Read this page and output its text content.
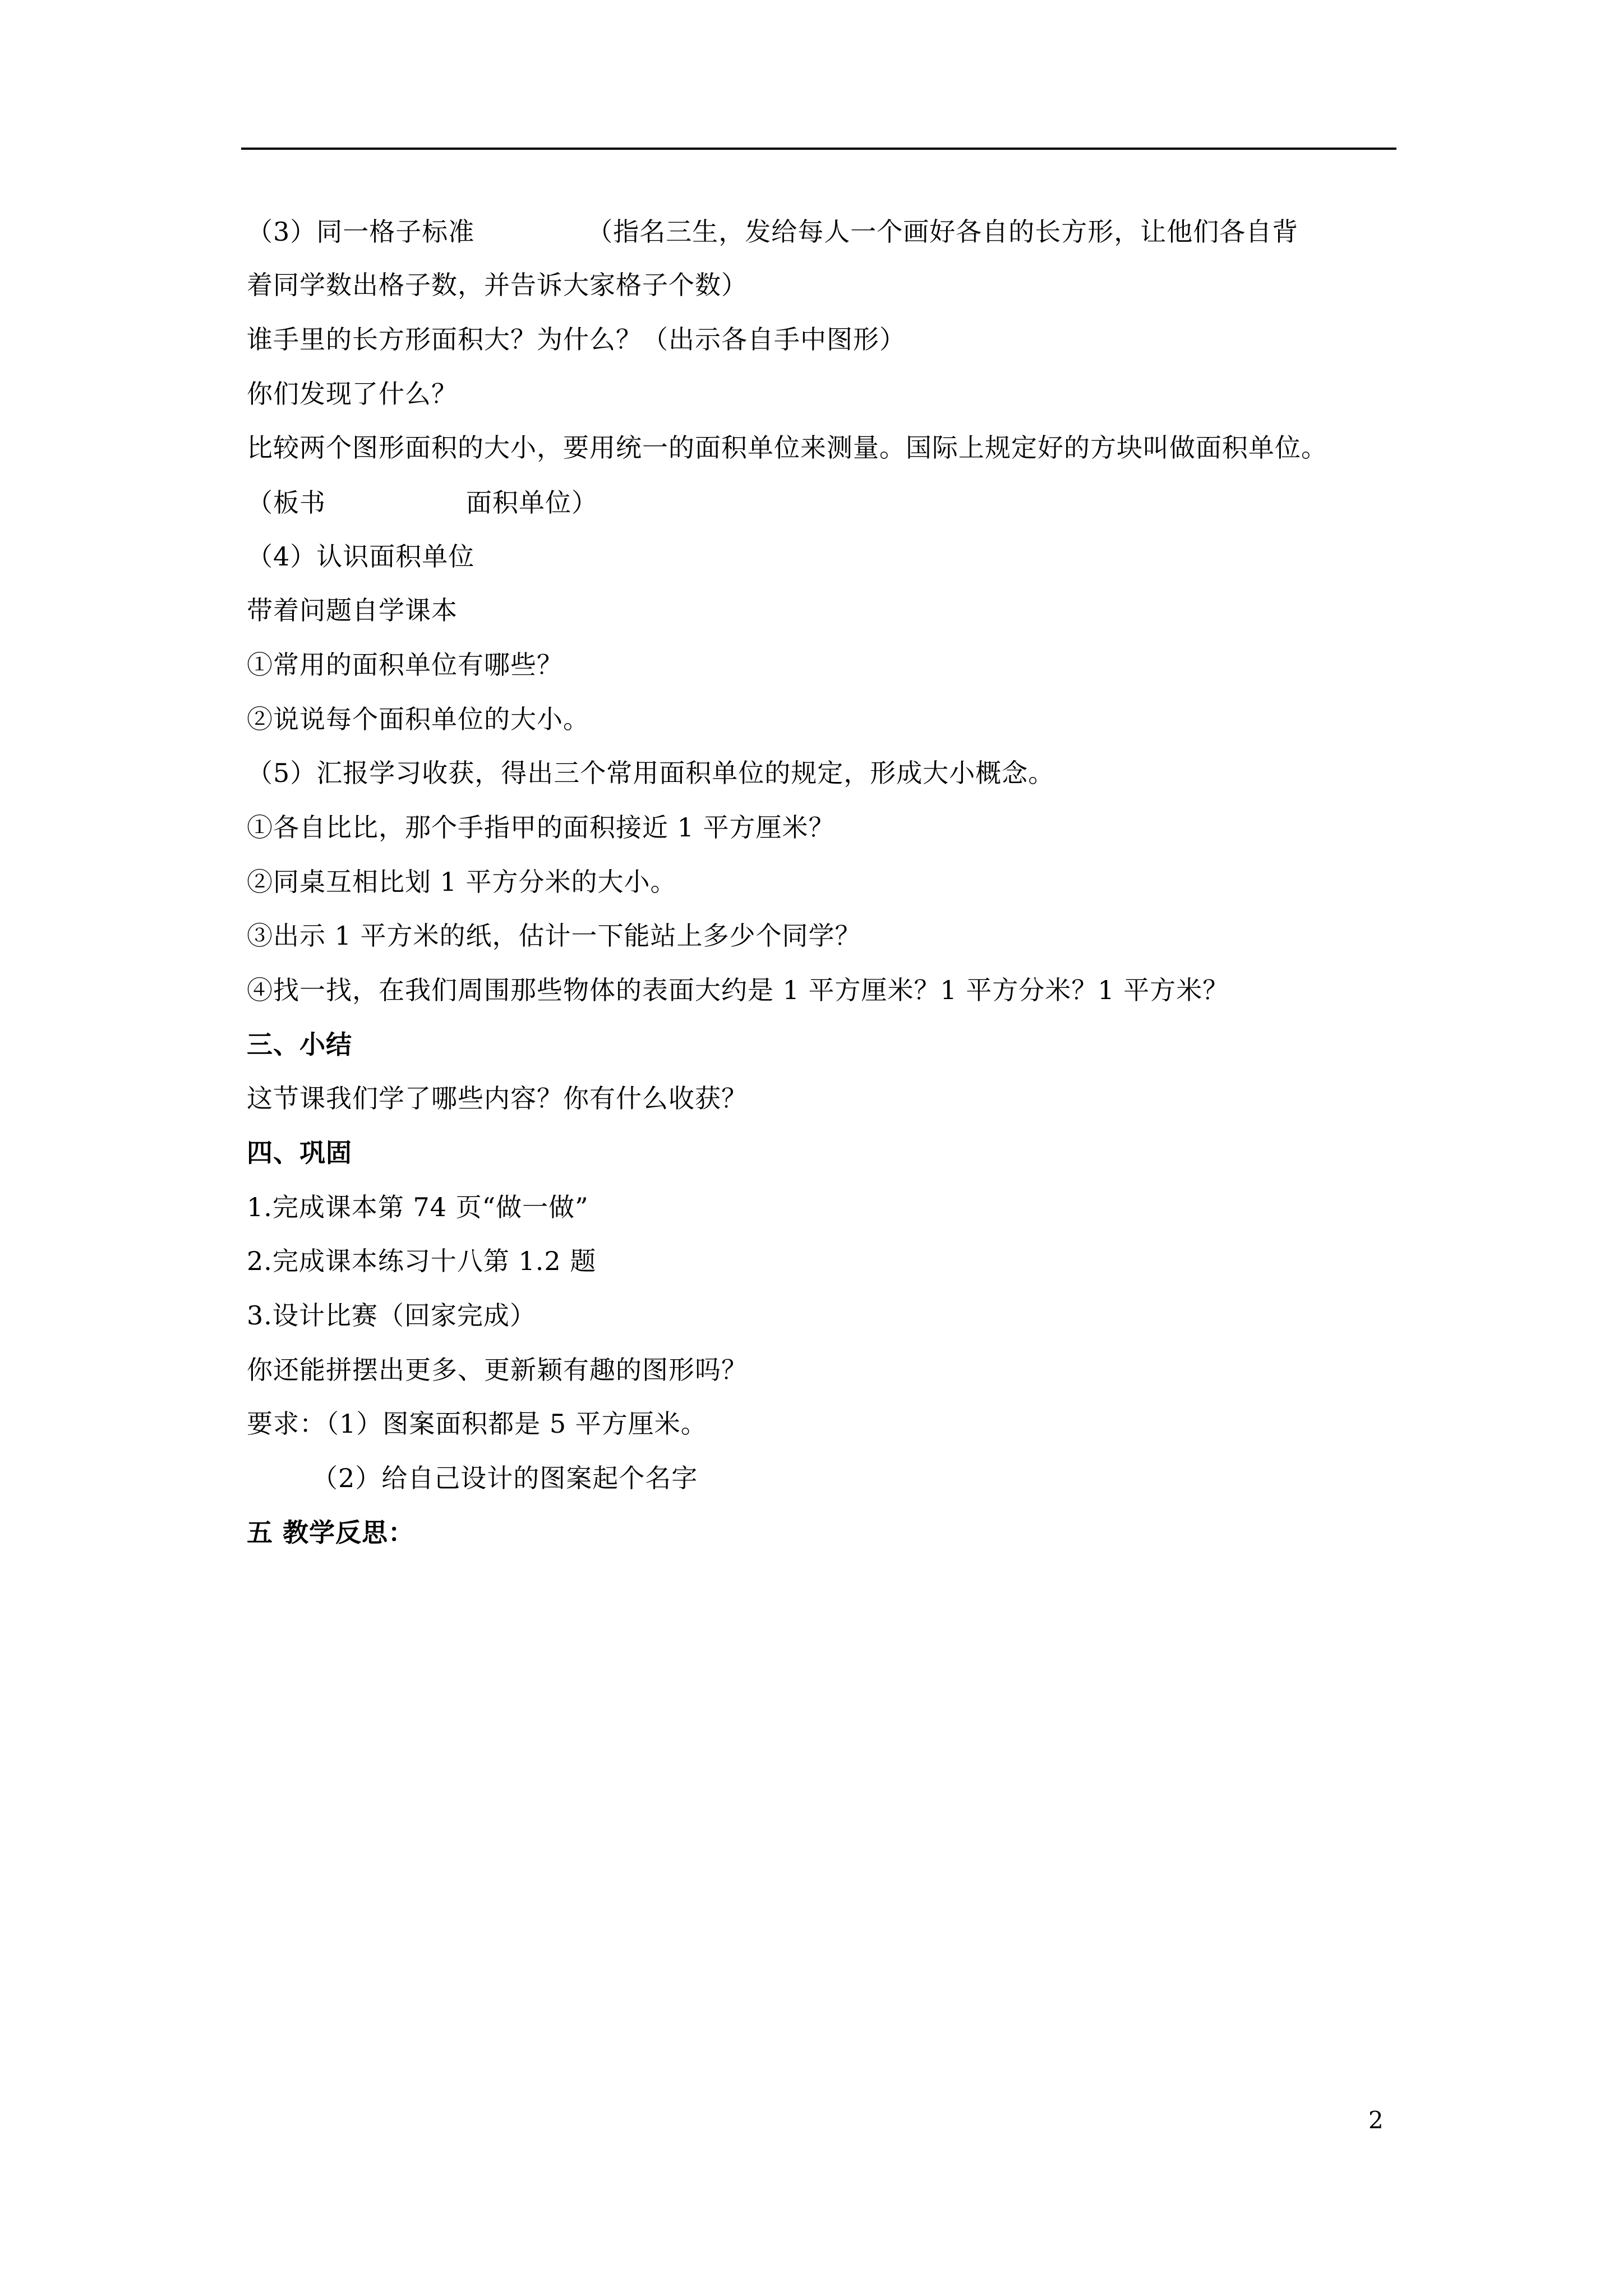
（3）同一格子标准	（指名三生，发给每人一个画好各自的长方形，让他们各自背
着同学数出格子数，并告诉大家格子个数）
谁手里的长方形面积大？为什么？（出示各自手中图形）
你们发现了什么？
比较两个图形面积的大小，要用统一的面积单位来测量。国际上规定好的方块叫做面积单位。
（板书	面积单位）
（4）认识面积单位
带着问题自学课本
①常用的面积单位有哪些？
②说说每个面积单位的大小。
（5）汇报学习收获，得出三个常用面积单位的规定，形成大小概念。
①各自比比，那个手指甲的面积接近 1 平方厘米？
②同桌互相比划 1 平方分米的大小。
③出示 1 平方米的纸，估计一下能站上多少个同学？
④找一找，在我们周围那些物体的表面大约是 1 平方厘米？1 平方分米？1 平方米？
三、小结
这节课我们学了哪些内容？你有什么收获？
四、巩固
1.完成课本第 74 页“做一做”
2.完成课本练习十八第 1.2 题
3.设计比赛（回家完成）
你还能拼摆出更多、更新颖有趣的图形吗？
要求：（1）图案面积都是 5 平方厘米。
（2）给自己设计的图案起个名字
五 教学反思：
2
